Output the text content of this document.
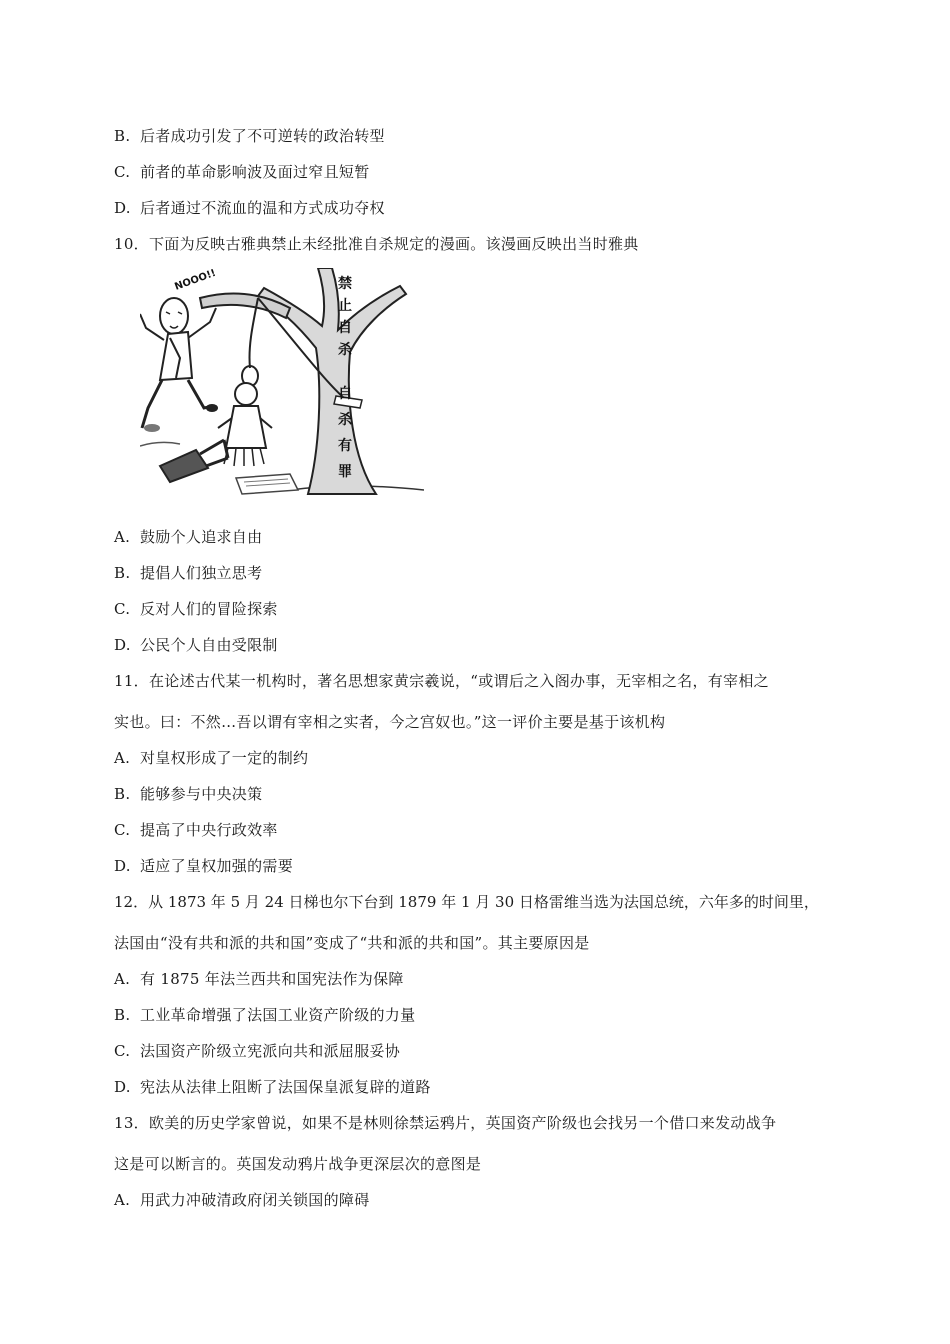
B. 后者成功引发了不可逆转的政治转型
C. 前者的革命影响波及面过窄且短暂
D. 后者通过不流血的温和方式成功夺权
10．下面为反映古雅典禁止未经批准自杀规定的漫画。该漫画反映出当时雅典
NOOO!!	禁
止
自
杀
自
杀
有
罪
A. 鼓励个人追求自由
B. 提倡人们独立思考
C. 反对人们的冒险探索
D. 公民个人自由受限制
11．在论述古代某一机构时，著名思想家黄宗羲说，“或谓后之入阁办事，无宰相之名，有宰相之
实也。曰：不然…吾以谓有宰相之实者，今之宫奴也。”这一评价主要是基于该机构
A. 对皇权形成了一定的制约
B. 能够参与中央决策
C. 提高了中央行政效率
D. 适应了皇权加强的需要
12．从 1873 年 5 月 24 日梯也尔下台到 1879 年 1 月 30 日格雷维当选为法国总统，六年多的时间里，
法国由“没有共和派的共和国”变成了“共和派的共和国”。其主要原因是
A. 有 1875 年法兰西共和国宪法作为保障
B. 工业革命增强了法国工业资产阶级的力量
C. 法国资产阶级立宪派向共和派屈服妥协
D. 宪法从法律上阻断了法国保皇派复辟的道路
13．欧美的历史学家曾说，如果不是林则徐禁运鸦片，英国资产阶级也会找另一个借口来发动战争
这是可以断言的。英国发动鸦片战争更深层次的意图是
A. 用武力冲破清政府闭关锁国的障碍
